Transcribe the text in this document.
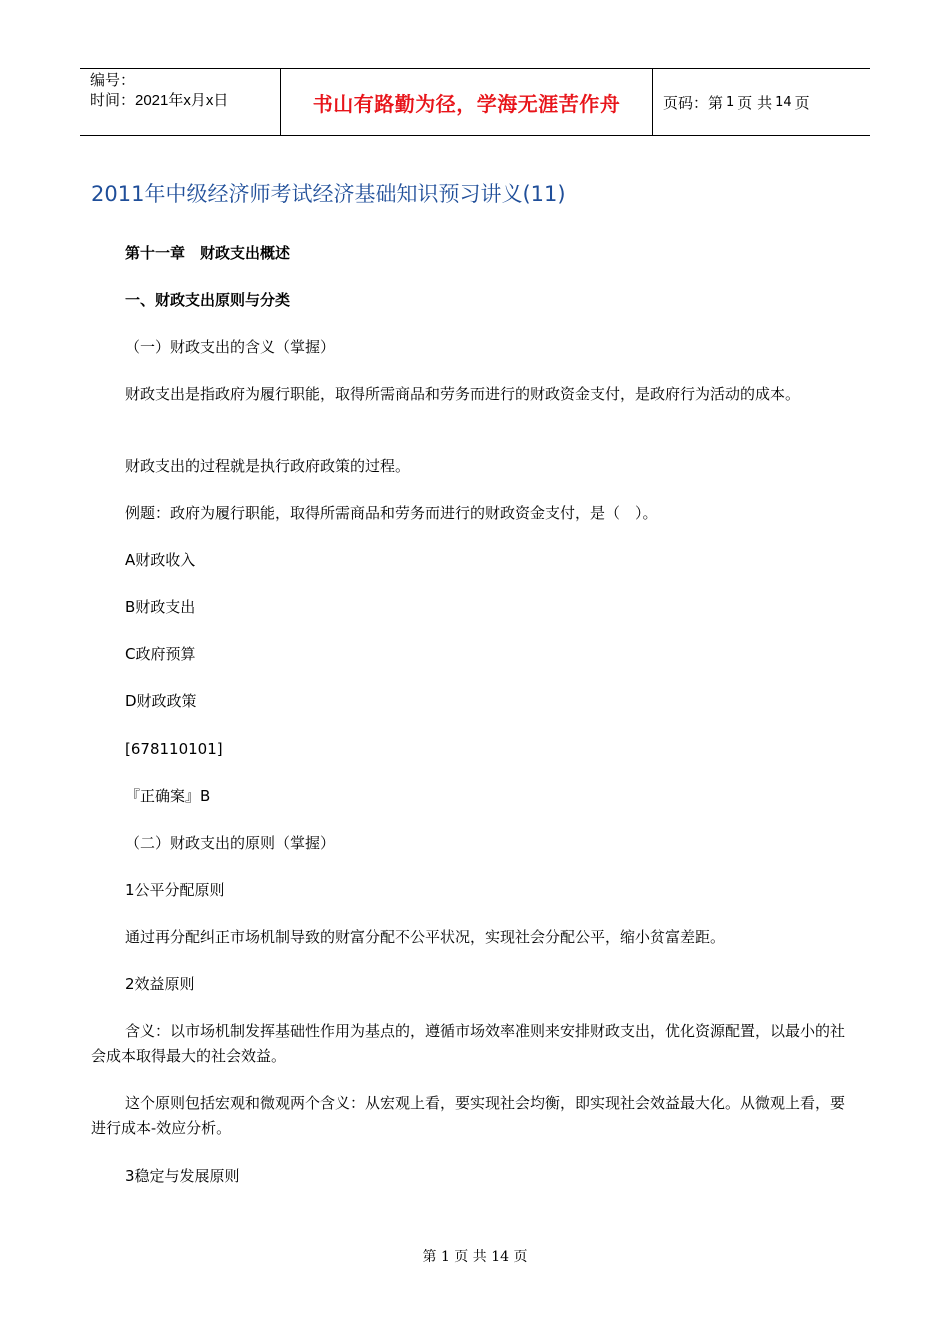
编号：
时间：2021年x月x日	书山有路勤为径，学海无涯苦作舟	页码：第 1 页 共 14 页
2011年中级经济师考试经济基础知识预习讲义(11)
第十一章　财政支出概述
一、财政支出原则与分类
（一）财政支出的含义（掌握）
财政支出是指政府为履行职能，取得所需商品和劳务而进行的财政资金支付，是政府行为活动的成本。
财政支出的过程就是执行政府政策的过程。
例题：政府为履行职能，取得所需商品和劳务而进行的财政资金支付，是（　）。
A财政收入
B财政支出
C政府预算
D财政政策
[678110101]
『正确案』B
（二）财政支出的原则（掌握）
1公平分配原则
通过再分配纠正市场机制导致的财富分配不公平状况，实现社会分配公平，缩小贫富差距。
2效益原则
含义：以市场机制发挥基础性作用为基点的，遵循市场效率准则来安排财政支出，优化资源配置，以最小的社会成本取得最大的社会效益。
这个原则包括宏观和微观两个含义：从宏观上看，要实现社会均衡，即实现社会效益最大化。从微观上看，要进行成本-效应分析。
3稳定与发展原则
第 1 页 共 14 页
